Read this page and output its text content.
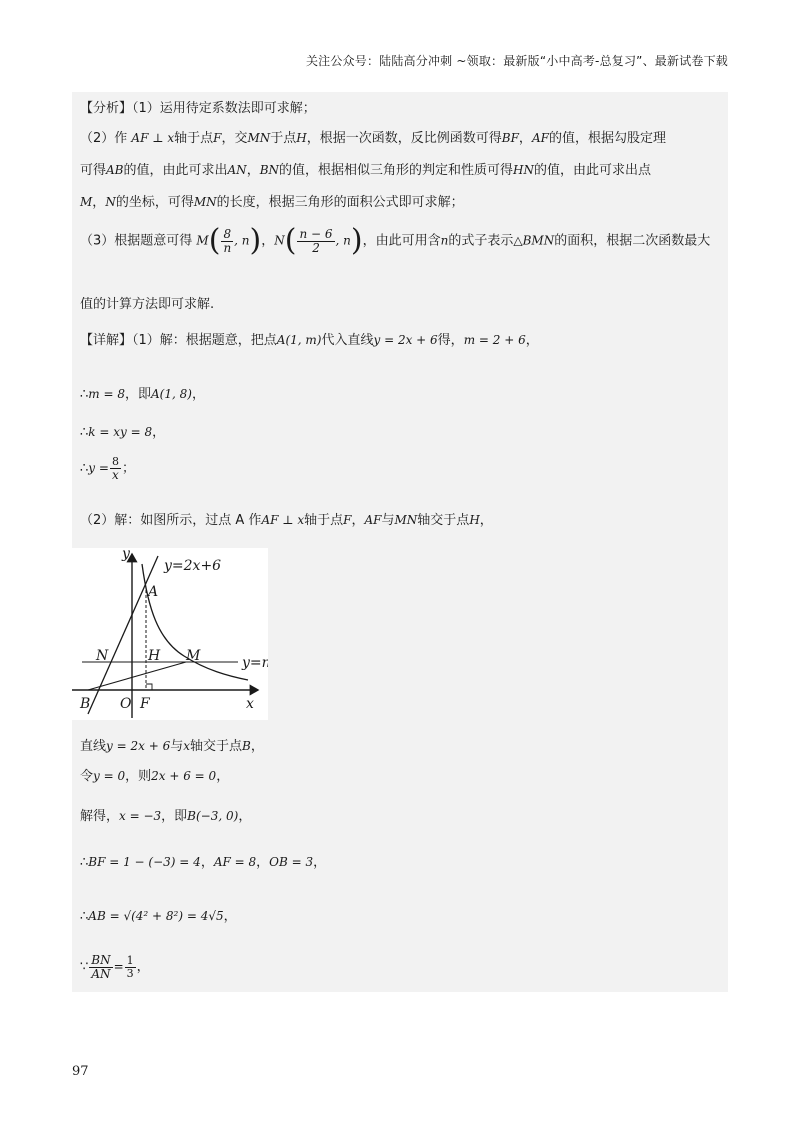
关注公众号：陆陆高分冲刺 ~领取：最新版“小中高考-总复习”、最新试卷下载
【分析】（1）运用待定系数法即可求解；
（2）作 AF ⊥ x轴于点F，交MN于点H，根据一次函数，反比例函数可得BF，AF的值，根据勾股定理
可得AB的值，由此可求出AN，BN的值，根据相似三角形的判定和性质可得HN的值，由此可求出点
M，N的坐标，可得MN的长度，根据三角形的面积公式即可求解；
（3）根据题意可得 $M( \frac{8}{n}$ , n)，$N( \frac{n - 6}{2}$ , n)，由此可用含n的式子表示△BMN的面积，根据二次函数最大
值的计算方法即可求解.
【详解】（1）解：根据题意，把点A(1, m)代入直线y = 2x + 6得，m = 2 + 6，
∴m = 8，即A(1, 8)，
∴k = xy = 8，
∴y = $\frac{8}{x}$ ；
（2）解：如图所示，过点 A 作AF ⊥ x轴于点F，AF与MN轴交于点H，
y
x
y=2x+6
y=n
A
N	H M
B O F
直线y = 2x + 6与x轴交于点B，
令y = 0，则2x + 6 = 0，
解得，x = −3，即B(−3, 0)，
∴BF = 1 − (−3) = 4，AF = 8，OB = 3，
∴AB = √(4² + 8²) = 4√5，
∵ $\frac{BN}{AN} = \frac{1}{3}$ ，
97
